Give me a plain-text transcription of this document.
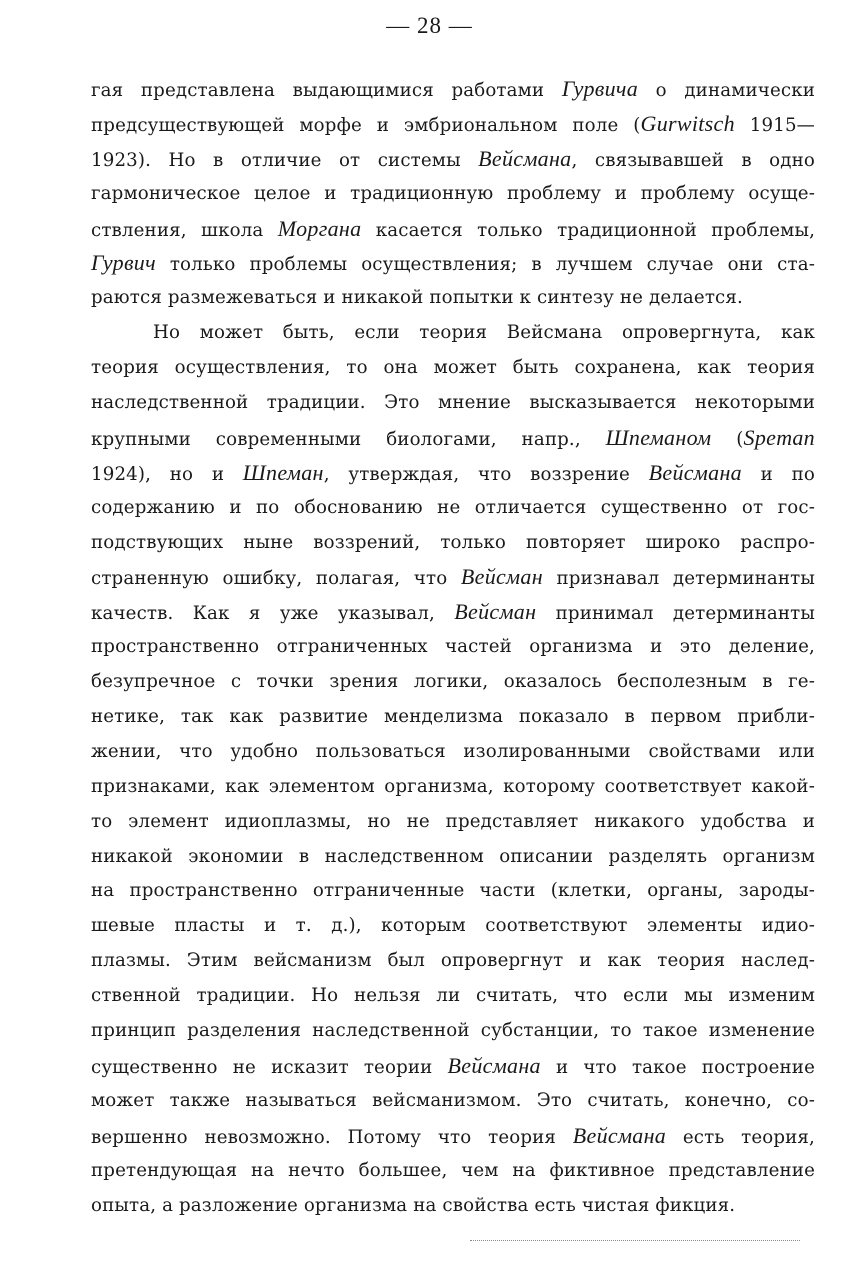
— 28 —
гая представлена выдающимися работами Гурвича о динамически
предсуществующей морфе и эмбриональном поле (Gurwitsch 1915—
1923). Но в отличие от системы Вейсмана, связывавшей в одно
гармоническое целое и традиционную проблему и проблему осуще-
ствления, школа Моргана касается только традиционной проблемы,
Гурвич только проблемы осуществления; в лучшем случае они ста-
раются размежеваться и никакой попытки к синтезу не делается.
Но может быть, если теория Вейсмана опровергнута, как
теория осуществления, то она может быть сохранена, как теория
наследственной традиции. Это мнение высказывается некоторыми
крупными современными биологами, напр., Шпеманом (Speman
1924), но и Шпеман, утверждая, что воззрение Вейсмана и по
содержанию и по обоснованию не отличается существенно от гос-
подствующих ныне воззрений, только повторяет широко распро-
страненную ошибку, полагая, что Вейсман признавал детерминанты
качеств. Как я уже указывал, Вейсман принимал детерминанты
пространственно отграниченных частей организма и это деление,
безупречное с точки зрения логики, оказалось бесполезным в ге-
нетике, так как развитие менделизма показало в первом прибли-
жении, что удобно пользоваться изолированными свойствами или
признаками, как элементом организма, которому соответствует какой-
то элемент идиоплазмы, но не представляет никакого удобства и
никакой экономии в наследственном описании разделять организм
на пространственно отграниченные части (клетки, органы, зароды-
шевые пласты и т. д.), которым соответствуют элементы идио-
плазмы. Этим вейсманизм был опровергнут и как теория наслед-
ственной традиции. Но нельзя ли считать, что если мы изменим
принцип разделения наследственной субстанции, то такое изменение
существенно не исказит теории Вейсмана и что такое построение
может также называться вейсманизмом. Это считать, конечно, со-
вершенно невозможно. Потому что теория Вейсмана есть теория,
претендующая на нечто большее, чем на фиктивное представление
опыта, а разложение организма на свойства есть чистая фикция.
